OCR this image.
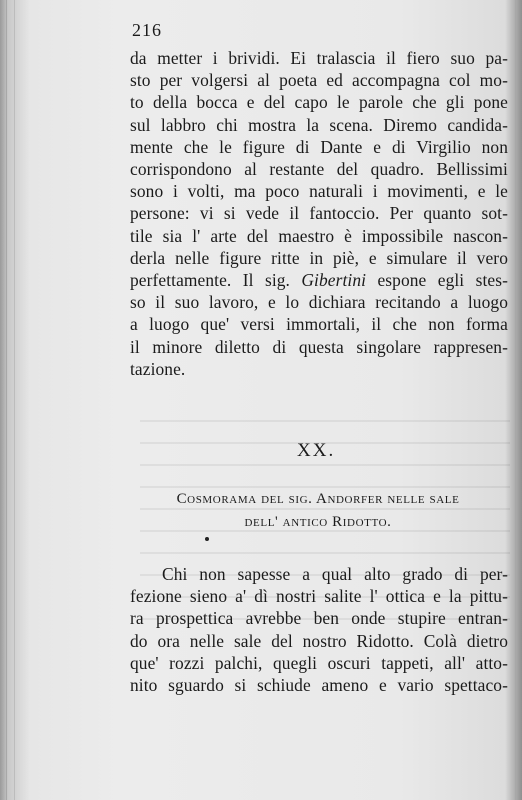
216
da metter i brividi. Ei tralascia il fiero suo pa-
sto per volgersi al poeta ed accompagna col mo-
to della bocca e del capo le parole che gli pone
sul labbro chi mostra la scena. Diremo candida-
mente che le figure di Dante e di Virgilio non
corrispondono al restante del quadro. Bellissimi
sono i volti, ma poco naturali i movimenti, e le
persone: vi si vede il fantoccio. Per quanto sot-
tile sia l' arte del maestro è impossibile nascon-
derla nelle figure ritte in piè, e simulare il vero
perfettamente. Il sig. Gibertini espone egli stes-
so il suo lavoro, e lo dichiara recitando a luogo
a luogo que' versi immortali, il che non forma
il minore diletto di questa singolare rappresen-
tazione.
XX.
Cosmorama del sig. Andorfer nelle sale
dell' antico Ridotto.
Chi non sapesse a qual alto grado di per-
fezione sieno a' dì nostri salite l' ottica e la pittu-
ra prospettica avrebbe ben onde stupire entran-
do ora nelle sale del nostro Ridotto. Colà dietro
que' rozzi palchi, quegli oscuri tappeti, all' atto-
nito sguardo si schiude ameno e vario spettaco-
